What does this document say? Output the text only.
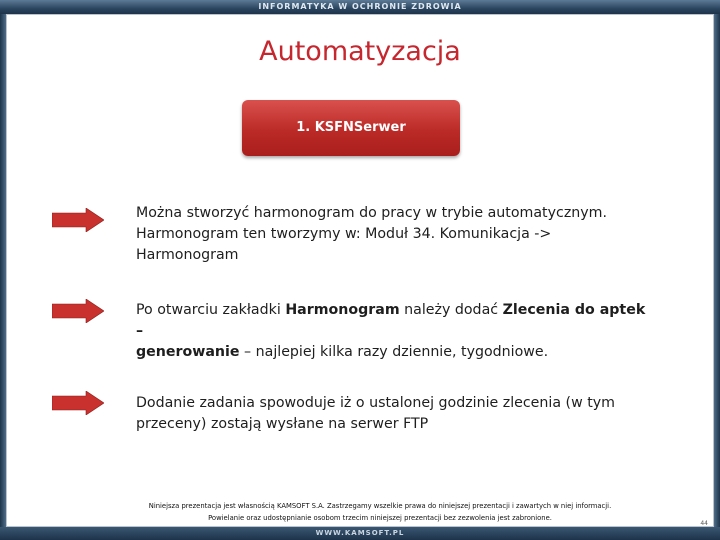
INFORMATYKA W OCHRONIE ZDROWIA
Automatyzacja
1. KSFNSerwer
Można stworzyć harmonogram do pracy w trybie automatycznym.
Harmonogram ten tworzymy w: Moduł 34. Komunikacja ->
Harmonogram
Po otwarciu zakładki Harmonogram należy dodać Zlecenia do aptek –
generowanie – najlepiej kilka razy dziennie, tygodniowe.
Dodanie zadania spowoduje iż o ustalonej godzinie zlecenia (w tym
przeceny) zostają wysłane na serwer FTP
Niniejsza prezentacja jest własnością KAMSOFT S.A. Zastrzegamy wszelkie prawa do niniejszej prezentacji i zawartych w niej informacji.
Powielanie oraz udostępnianie osobom trzecim niniejszej prezentacji bez zezwolenia jest zabronione.
44
WWW.KAMSOFT.PL
